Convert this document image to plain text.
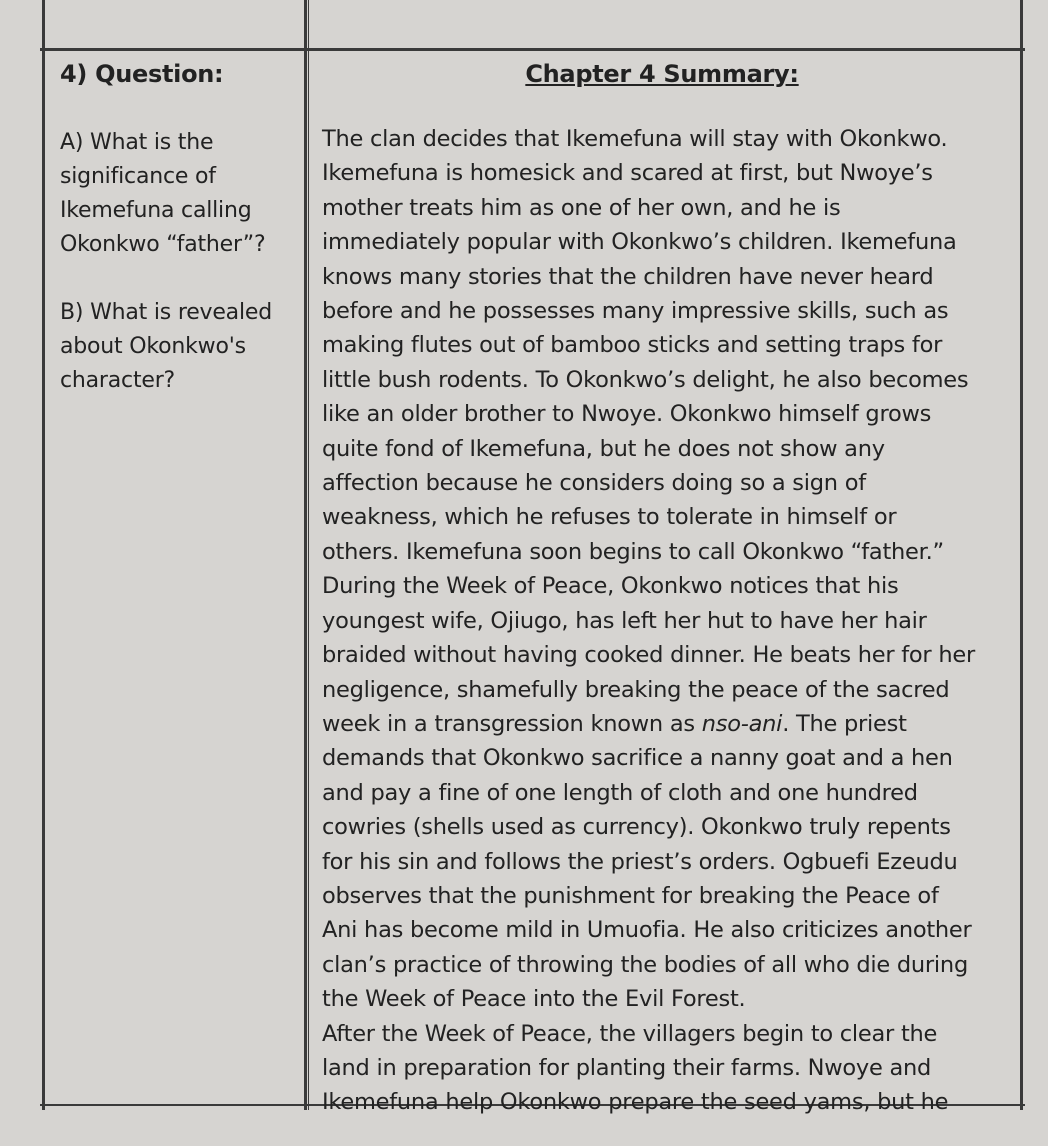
4) Question:
A) What is the
significance of
Ikemefuna calling
Okonkwo “father”?
B) What is revealed
about Okonkwo's
character?
Chapter 4 Summary:
The clan decides that Ikemefuna will stay with Okonkwo.
Ikemefuna is homesick and scared at first, but Nwoye’s
mother treats him as one of her own, and he is
immediately popular with Okonkwo’s children. Ikemefuna
knows many stories that the children have never heard
before and he possesses many impressive skills, such as
making flutes out of bamboo sticks and setting traps for
little bush rodents. To Okonkwo’s delight, he also becomes
like an older brother to Nwoye. Okonkwo himself grows
quite fond of Ikemefuna, but he does not show any
affection because he considers doing so a sign of
weakness, which he refuses to tolerate in himself or
others. Ikemefuna soon begins to call Okonkwo “father.”
During the Week of Peace, Okonkwo notices that his
youngest wife, Ojiugo, has left her hut to have her hair
braided without having cooked dinner. He beats her for her
negligence, shamefully breaking the peace of the sacred
week in a transgression known as nso-ani. The priest
demands that Okonkwo sacrifice a nanny goat and a hen
and pay a fine of one length of cloth and one hundred
cowries (shells used as currency). Okonkwo truly repents
for his sin and follows the priest’s orders. Ogbuefi Ezeudu
observes that the punishment for breaking the Peace of
Ani has become mild in Umuofia. He also criticizes another
clan’s practice of throwing the bodies of all who die during
the Week of Peace into the Evil Forest.
After the Week of Peace, the villagers begin to clear the
land in preparation for planting their farms. Nwoye and
Ikemefuna help Okonkwo prepare the seed yams, but he
